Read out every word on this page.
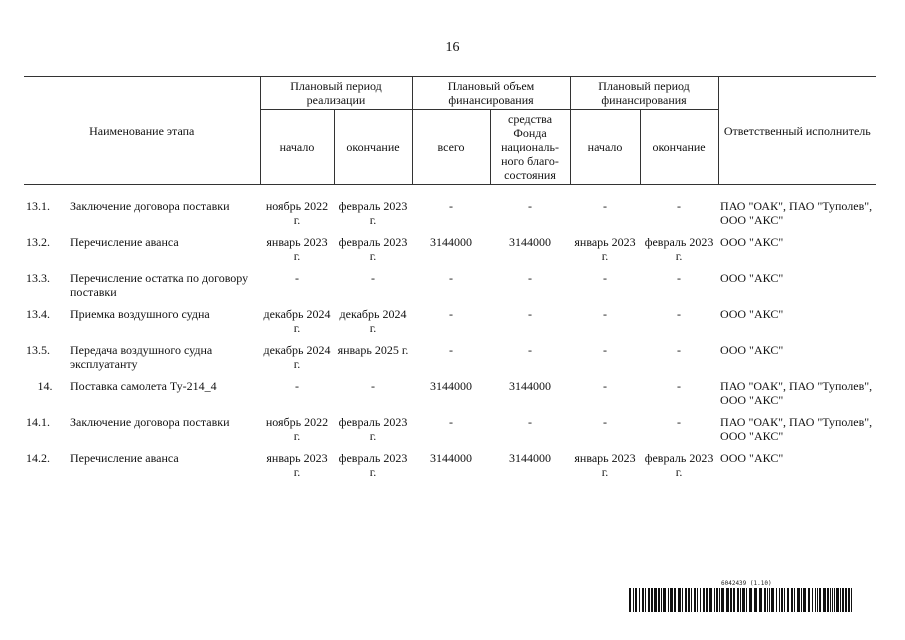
16
Наименование этапа		Плановый период реализации		Плановый объем финансирования		Плановый период финансирования		Ответственный исполнитель
		начало	окончание	всего	средства Фонда националь-ного благо-состояния	начало	окончание	

13.1.	Заключение договора поставки	ноябрь 2022 г.	февраль 2023 г.	-	-	-	-	ПАО "ОАК", ПАО "Туполев", ООО "АКС"
13.2.	Перечисление аванса	январь 2023 г.	февраль 2023 г.	3144000	3144000	январь 2023 г.	февраль 2023 г.	ООО "АКС"
13.3.	Перечисление остатка по договору поставки	-	-	-	-	-	-	ООО "АКС"
13.4.	Приемка воздушного судна	декабрь 2024 г.	декабрь 2024 г.	-	-	-	-	ООО "АКС"
13.5.	Передача воздушного судна эксплуатанту	декабрь 2024 г.	январь 2025 г.	-	-	-	-	ООО "АКС"
14.	Поставка самолета Ту-214_4	-	-	3144000	3144000	-	-	ПАО "ОАК", ПАО "Туполев", ООО "АКС"
14.1.	Заключение договора поставки	ноябрь 2022 г.	февраль 2023 г.	-	-	-	-	ПАО "ОАК", ПАО "Туполев", ООО "АКС"
14.2.	Перечисление аванса	январь 2023 г.	февраль 2023 г.	3144000	3144000	январь 2023 г.	февраль 2023 г.	ООО "АКС"
6042439 (1.10)
